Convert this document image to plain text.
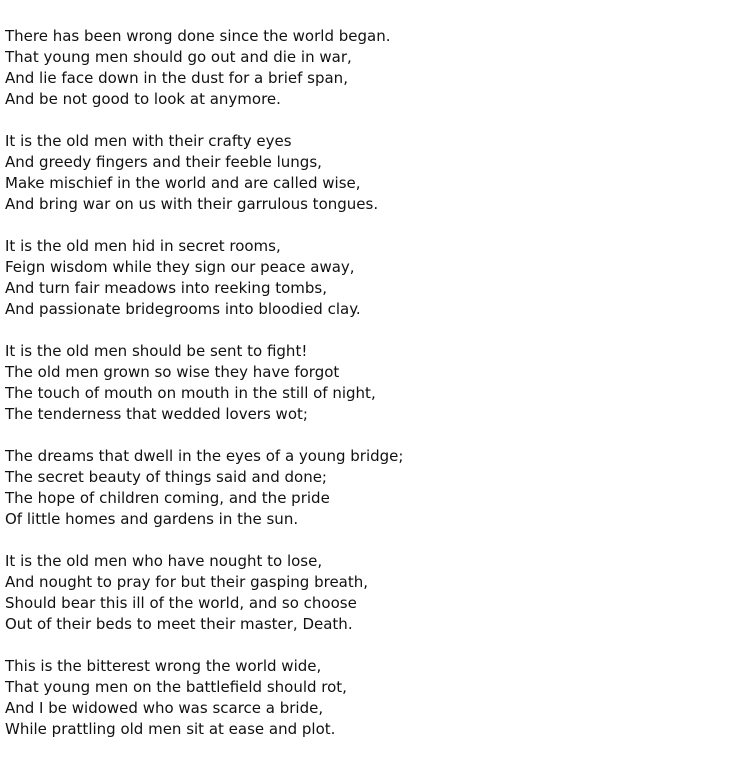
There has been wrong done since the world began.
That young men should go out and die in war,
And lie face down in the dust for a brief span,
And be not good to look at anymore.
It is the old men with their crafty eyes
And greedy fingers and their feeble lungs,
Make mischief in the world and are called wise,
And bring war on us with their garrulous tongues.
It is the old men hid in secret rooms,
Feign wisdom while they sign our peace away,
And turn fair meadows into reeking tombs,
And passionate bridegrooms into bloodied clay.
It is the old men should be sent to fight!
The old men grown so wise they have forgot
The touch of mouth on mouth in the still of night,
The tenderness that wedded lovers wot;
The dreams that dwell in the eyes of a young bridge;
The secret beauty of things said and done;
The hope of children coming, and the pride
Of little homes and gardens in the sun.
It is the old men who have nought to lose,
And nought to pray for but their gasping breath,
Should bear this ill of the world, and so choose
Out of their beds to meet their master, Death.
This is the bitterest wrong the world wide,
That young men on the battlefield should rot,
And I be widowed who was scarce a bride,
While prattling old men sit at ease and plot.
